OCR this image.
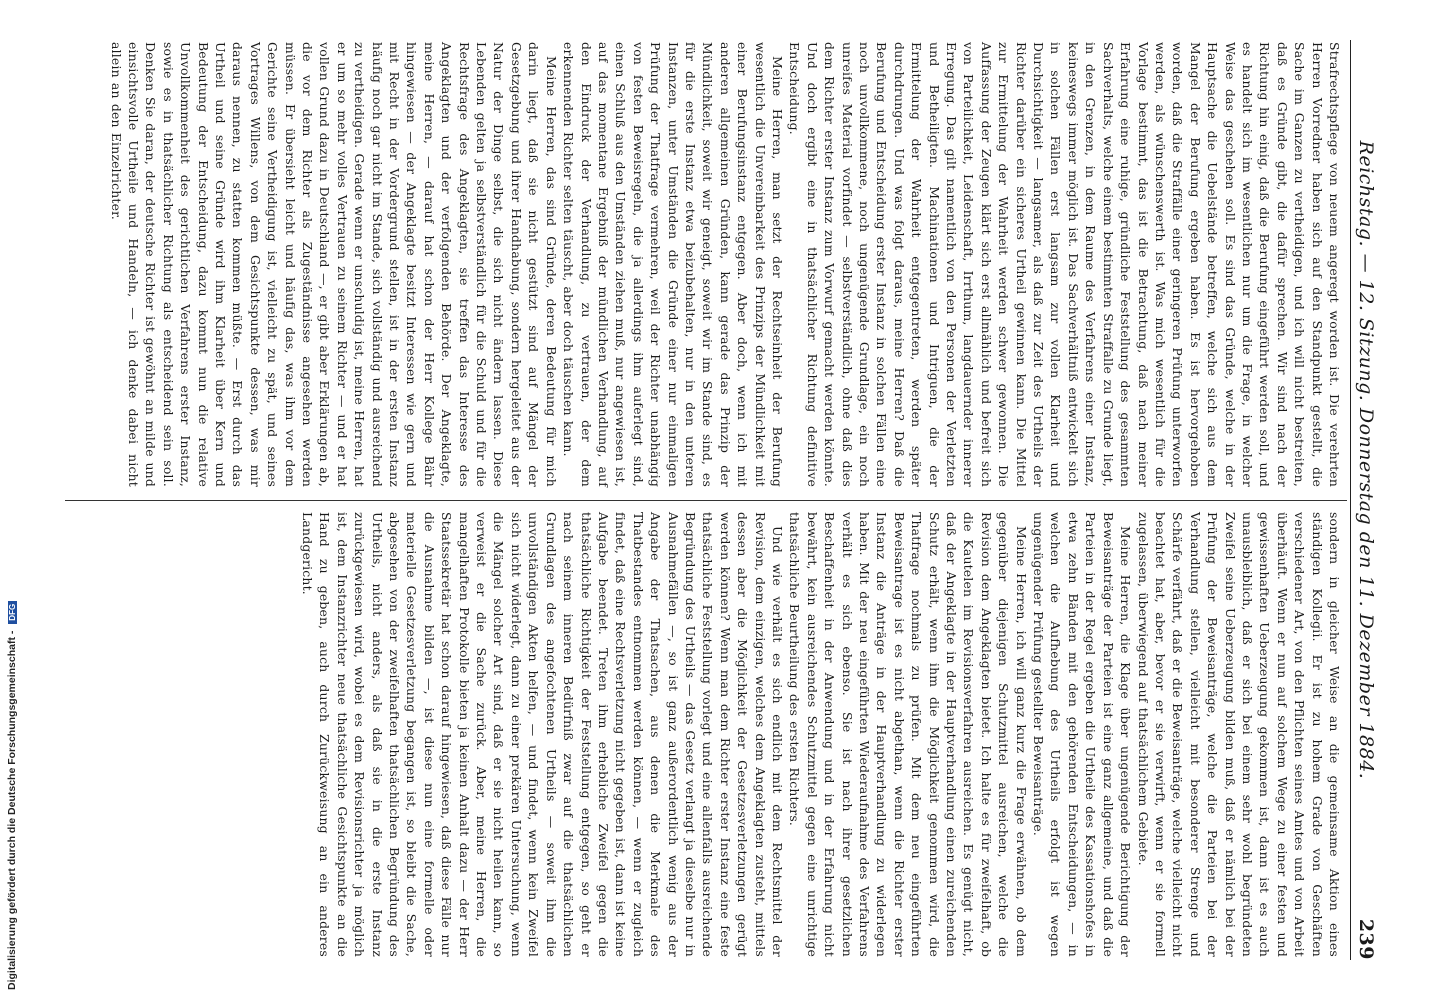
Reichstag. — 12. Sitzung. Donnerstag den 11. Dezember 1884.
239

Strafrechtspflege von neuem angeregt worden ist. Die verehrten Herren Vorredner haben sich auf den Standpunkt gestellt, die Sache im Ganzen zu vertheidigen, und ich will nicht bestreiten, daß es Gründe gibt, die dafür sprechen. Wir sind nach der Richtung hin einig, daß die Berufung eingeführt werden soll, und es handelt sich im wesentlichen nur um die Frage, in welcher Weise das geschehen soll. Es sind das Gründe, welche in der Hauptsache die Uebelstände betreffen, welche sich aus dem Mangel der Berufung ergeben haben. Es ist hervorgehoben worden, daß die Straffälle einer geringeren Prüfung unterworfen werden, als wünschenswerth ist. Was mich wesentlich für die Vorlage bestimmt, das ist die Betrachtung, daß nach meiner Erfahrung eine ruhige, gründliche Feststellung des gesammten Sachverhalts, welche einem bestimmten Straffalle zu Grunde liegt, in den Grenzen, in dem Raume des Verfahrens einer Instanz, keineswegs immer möglich ist. Das Sachverhältniß entwickelt sich in solchen Fällen erst langsam zur vollen Klarheit und Durchsichtigkeit — langsamer, als daß zur Zeit des Urtheils der Richter darüber ein sicheres Urtheil gewinnen kann. Die Mittel zur Ermittelung der Wahrheit werden schwer gewonnen. Die Auffassung der Zeugen klärt sich erst allmählich und befreit sich von Parteilichkeit, Leidenschaft, Irrthum, langdauernder innerer Erregung. Das gilt namentlich von den Personen der Verletzten und Betheiligten. Machinationen und Intriguen, die der Ermittelung der Wahrheit entgegentreten, werden später durchdrungen. Und was folgt daraus, meine Herren? Daß die Berufung und Entscheidung erster Instanz in solchen Fällen eine noch unvollkommene, noch ungenügende Grundlage, ein noch unreifes Material vorfindet — selbstverständlich, ohne daß dies dem Richter erster Instanz zum Vorwurf gemacht werden könnte. Und doch ergibt eine in thatsächlicher Richtung definitive Entscheidung.

Meine Herren, man setzt der Rechtseinheit der Berufung wesentlich die Unvereinbarkeit des Prinzips der Mündlichkeit mit einer Berufungsinstanz entgegen. Aber doch, wenn ich mit anderen allgemeinen Gründen, kann gerade das Prinzip der Mündlichkeit, soweit wir geneigt, soweit wir im Stande sind, es für die erste Instanz etwa beizubehalten, nur in den unteren Instanzen, unter Umständen die Gründe einer nur einmaligen Prüfung der Thatfrage vermehren, weil der Richter unabhängig von festen Beweisregeln, die ja allerdings ihm auferlegt sind, einen Schluß aus den Umständen ziehen muß, nur angewiesen ist, auf das momentane Ergebniß der mündlichen Verhandlung, auf den Eindruck der Verhandlung, zu vertrauen, der dem erkennenden Richter selten täuscht, aber doch täuschen kann.

Meine Herren, das sind Gründe, deren Bedeutung für mich darin liegt, daß sie nicht gestützt sind auf Mängel der Gesetzgebung und ihrer Handhabung, sondern hergeleitet aus der Natur der Dinge selbst, die sich nicht ändern lassen. Diese Lebenden gelten ja selbstverständlich für die Schuld und für die Rechtsfrage des Angeklagten, sie treffen das Interesse des Angeklagten und der verfolgenden Behörde. Der Angeklagte, meine Herren, — darauf hat schon der Herr Kollege Bähr hingewiesen — der Angeklagte besitzt Interessen wie gern und mit Recht in der Vordergrund stellen, ist in der ersten Instanz häufig noch gar nicht im Stande, sich vollständig und ausreichend zu vertheidigen. Gerade wenn er unschuldig ist, meine Herren, hat er um so mehr volles Vertrauen zu seinem Richter — und er hat vollen Grund dazu in Deutschland —, er gibt aber Erklärungen ab, die vor dem Richter als Zugeständnisse angesehen werden müssen. Er übersieht leicht und häufig das, was ihm vor dem Gerichte seine Vertheidigung ist, vielleicht zu spät, und seines Vortrages Willens, von dem Gesichtspunkte dessen, was mir daraus nennen, zu statten kommen müßte. — Erst durch das Urtheil und seine Gründe wird ihm Klarheit über Kern und Bedeutung der Entscheidung, dazu kommt nun die relative Unvollkommenheit des gerichtlichen Verfahrens erster Instanz, sowie es in thatsächlicher Richtung als entscheidend sein soll. Denken Sie daran, der deutsche Richter ist gewöhnt an milde und einsichtsvolle Urtheile und Handeln, — ich denke dabei nicht allein an den Einzelrichter.

sondern in gleicher Weise an die gemeinsame Aktion eines ständigen Kollegii. Er ist zu hohem Grade von Geschäften verschiedener Art, von den Pflichten seines Amtes und von Arbeit überhäuft. Wenn er nun auf solchem Wege zu einer festen und gewissenhaften Ueberzeugung gekommen ist, dann ist es auch unausbleiblich, daß er sich bei einem sehr wohl begründeten Zweifel seine Ueberzeugung bilden muß, daß er nämlich bei der Prüfung der Beweisanträge, welche die Parteien bei der Verhandlung stellen, vielleicht mit besonderer Strenge und Schärfe verfährt, daß er die Beweisanträge, welche vielleicht nicht beachtet hat, aber, bevor er sie verwirft, wenn er sie formell zugelassen, überwiegend auf thatsächlichem Gebiete.

Meine Herren, die Klage über ungenügende Berichtigung der Beweisanträge der Parteien ist eine ganz allgemeine, und daß die Parteien in der Regel ergeben die Urtheile des Kassationshofes in etwa zehn Bänden mit den gehörenden Entscheidungen, — in welchen die Aufhebung des Urtheils erfolgt ist wegen ungenügender Prüfung gestellter Beweisanträge.

Meine Herren, ich will ganz kurz die Frage erwähnen, ob dem gegenüber diejenigen Schutzmittel ausreichen, welche die Revision dem Angeklagten bietet. Ich halte es für zweifelhaft, ob die Kautelen im Revisionsverfahren ausreichen. Es genügt nicht, daß der Angeklagte in der Hauptverhandlung einen zureichenden Schutz erhält, wenn ihm die Möglichkeit genommen wird, die Thatfrage nochmals zu prüfen. Mit dem neu eingeführten Beweisantrage ist es nicht abgethan, wenn die Richter erster Instanz die Anträge in der Hauptverhandlung zu widerlegen haben. Mit der neu eingeführten Wiederaufnahme des Verfahrens verhält es sich ebenso. Sie ist nach ihrer gesetzlichen Beschaffenheit in der Anwendung und in der Erfahrung nicht bewährt, kein ausreichendes Schutzmittel gegen eine unrichtige thatsächliche Beurtheilung des ersten Richters.

Und wie verhält es sich endlich mit dem Rechtsmittel der Revision, dem einzigen, welches dem Angeklagten zusteht, mittels dessen aber die Möglichkeit der Gesetzesverletzungen gerügt werden können? Wenn man dem Richter erster Instanz eine feste thatsächliche Feststellung vorlegt und eine allenfalls ausreichende Begründung des Urtheils — das Gesetz verlangt ja dieselbe nur in Ausnahmefällen —, so ist ganz außerordentlich wenig aus der Angabe der Thatsachen, aus denen die Merkmale des Thatbestandes entnommen werden können, — wenn er zugleich findet, daß eine Rechtsverletzung nicht gegeben ist, dann ist keine Aufgabe beendet. Treten ihm erhebliche Zweifel gegen die thatsächliche Richtigkeit der Feststellung entgegen, so geht er nach seinem inneren Bedürfniß zwar auf die thatsächlichen Grundlagen des angefochtenen Urtheils — soweit ihm die unvollständigen Akten helfen, — und findet, wenn kein Zweifel sich nicht widerlegt, dann zu einer prekären Untersuchung, wenn die Mängel solcher Art sind, daß er sie nicht heilen kann, so verweist er die Sache zurück. Aber, meine Herren, die mangelhaften Protokolle bieten ja keinen Anhalt dazu — der Herr Staatssekretär hat schon darauf hingewiesen, daß diese Fälle nur die Ausnahme bilden —, ist diese nun eine formelle oder materielle Gesetzesverletzung begangen ist, so bleibt die Sache, abgesehen von der zweifelhaften thatsächlichen Begründung des Urtheils, nicht anders, als daß sie in die erste Instanz zurückgewiesen wird, wobei es dem Revisionsrichter ja möglich ist, dem Instanzrichter neue thatsächliche Gesichtspunkte an die Hand zu geben, auch durch Zurückweisung an ein anderes Landgericht.

Digitalisierung gefördert durch die Deutsche Forschungsgemeinschaft - DFG
